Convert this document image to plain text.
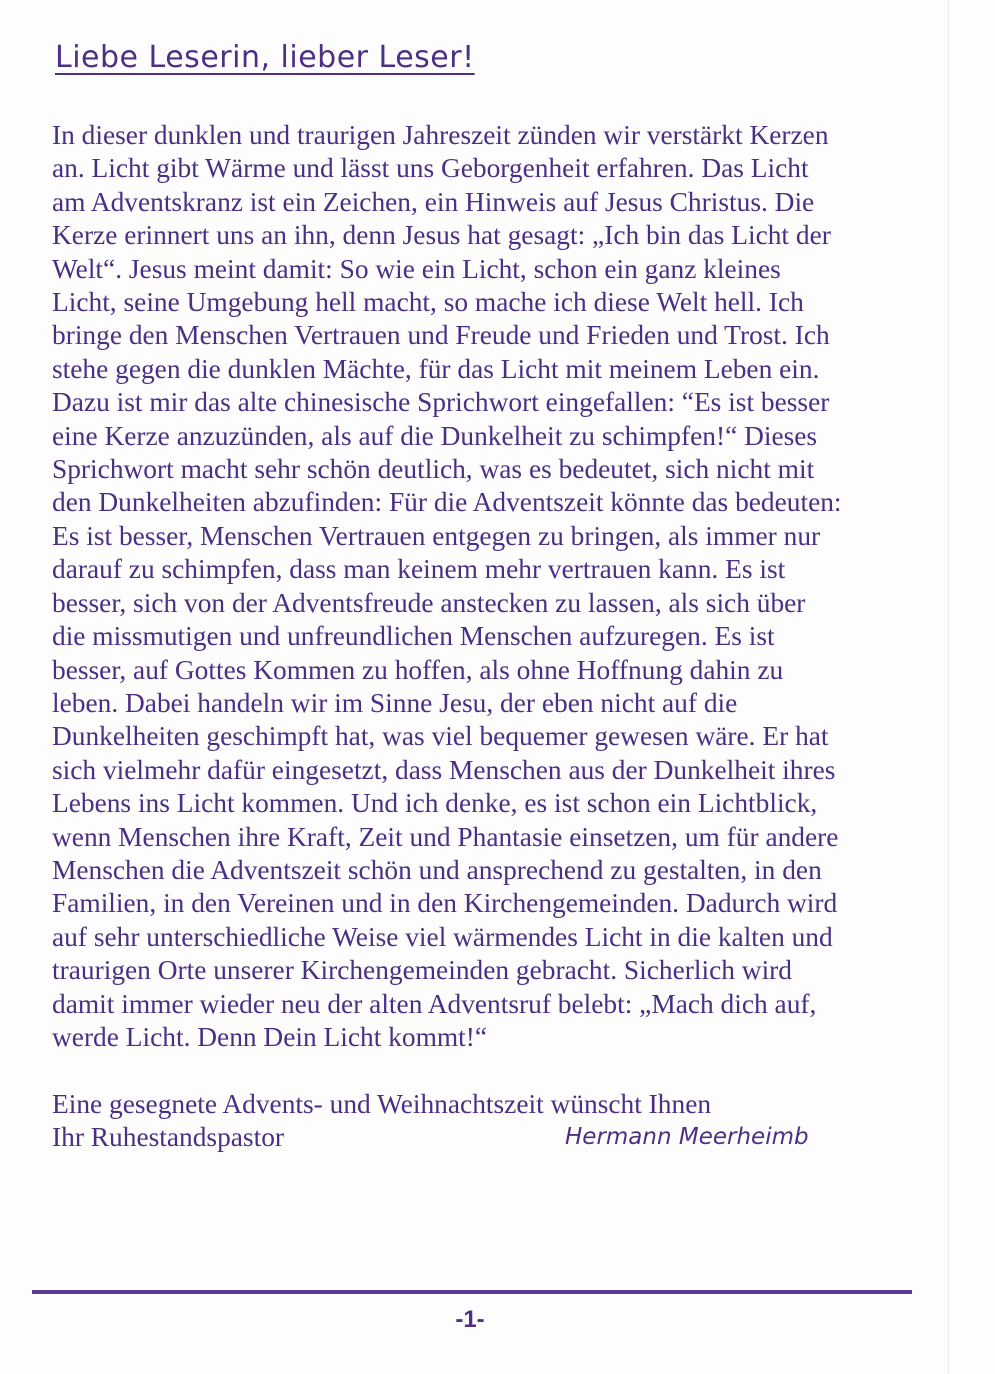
Liebe Leserin, lieber Leser!
In dieser dunklen und traurigen Jahreszeit zünden wir verstärkt Kerzen
an. Licht gibt Wärme und lässt uns Geborgenheit erfahren. Das Licht
am Adventskranz ist ein Zeichen, ein Hinweis auf Jesus Christus. Die
Kerze erinnert uns an ihn, denn Jesus hat gesagt: „Ich bin das Licht der
Welt“. Jesus meint damit: So wie ein Licht, schon ein ganz kleines
Licht, seine Umgebung hell macht, so mache ich diese Welt hell. Ich
bringe den Menschen Vertrauen und Freude und Frieden und Trost. Ich
stehe gegen die dunklen Mächte, für das Licht mit meinem Leben ein.
Dazu ist mir das alte chinesische Sprichwort eingefallen: “Es ist besser
eine Kerze anzuzünden, als auf die Dunkelheit zu schimpfen!“ Dieses
Sprichwort macht sehr schön deutlich, was es bedeutet, sich nicht mit
den Dunkelheiten abzufinden: Für die Adventszeit könnte das bedeuten:
Es ist besser, Menschen Vertrauen entgegen zu bringen, als immer nur
darauf zu schimpfen, dass man keinem mehr vertrauen kann. Es ist
besser, sich von der Adventsfreude anstecken zu lassen, als sich über
die missmutigen und unfreundlichen Menschen aufzuregen. Es ist
besser, auf Gottes Kommen zu hoffen, als ohne Hoffnung dahin zu
leben. Dabei handeln wir im Sinne Jesu, der eben nicht auf die
Dunkelheiten geschimpft hat, was viel bequemer gewesen wäre. Er hat
sich vielmehr dafür eingesetzt, dass Menschen aus der Dunkelheit ihres
Lebens ins Licht kommen. Und ich denke, es ist schon ein Lichtblick,
wenn Menschen ihre Kraft, Zeit und Phantasie einsetzen, um für andere
Menschen die Adventszeit schön und ansprechend zu gestalten, in den
Familien, in den Vereinen und in den Kirchengemeinden. Dadurch wird
auf sehr unterschiedliche Weise viel wärmendes Licht in die kalten und
traurigen Orte unserer Kirchengemeinden gebracht. Sicherlich wird
damit immer wieder neu der alten Adventsruf belebt: „Mach dich auf,
werde Licht. Denn Dein Licht kommt!“
Eine gesegnete Advents- und Weihnachtszeit wünscht Ihnen
Ihr Ruhestandspastor	Hermann Meerheimb
-1-
